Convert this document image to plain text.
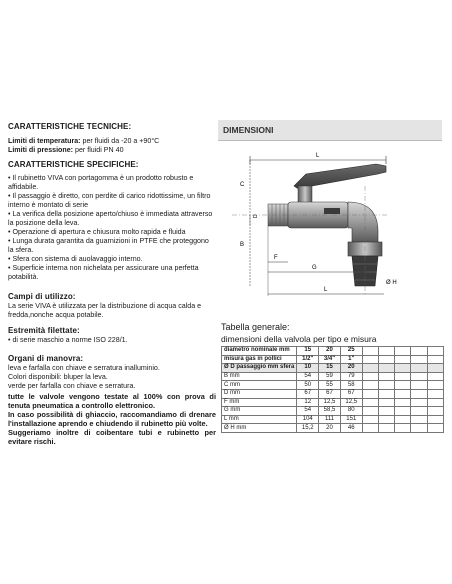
CARATTERISTICHE TECNICHE:
Limiti di temperatura: per fluidi da -20 a +90°C
Limiti di pressione: per fluidi PN 40
CARATTERISTICHE SPECIFICHE:
• Il rubinetto VIVA con portagomma è un prodotto robusto e affidabile.
• Il passaggio è diretto, con perdite di carico ridottissime, un filtro interno è montato di serie
• La verifica della posizione aperto/chiuso è immediata attraverso la posizione della leva.
• Operazione di apertura e chiusura molto rapida e fluida
• Lunga durata garantita da guarnizioni in PTFE che proteggono la sfera.
• Sfera con sistema di auolavaggio interno.
• Superficie interna non nichelata per assicurare una perfetta potabilità.
Campi di utilizzo:
La serie VIVA è utilizzata per la distribuzione di acqua calda e fredda,nonche acqua potabile.
Estremità filettate:
• di serie maschio a norme ISO 228/1.
Organi di manovra:
leva e farfalla con chiave e serratura inalluminio.
Colori disponibili: bluper la leva.
verde per farfalla con chiave e serratura.
tutte le valvole vengono testate al 100% con prova di tenuta pneumatica a controllo elettronico.
In caso possibilità di ghiaccio, raccomandiamo di drenare l'installazione aprendo e chiudendo il rubinetto più volte.
Suggeriamo inoltre di coibentare tubi e rubinetto per evitare rischi.
DIMENSIONI
L
C
D
B
F
G
L
Ø H
Tabella generale:
dimensioni della valvola per tipo e misura
diametro nominale mm	15	20	25					
misura gas in pollici	1/2"	3/4"	1"					
Ø D passaggio mm sfera	10	15	20					
B mm	54	59	79					
C mm	50	55	58					
D mm	67	67	67					
F mm	12	12,5	12,5					
G mm	54	58,5	80					
L mm	104	111	151					
Ø H mm	15,2	20	46					
